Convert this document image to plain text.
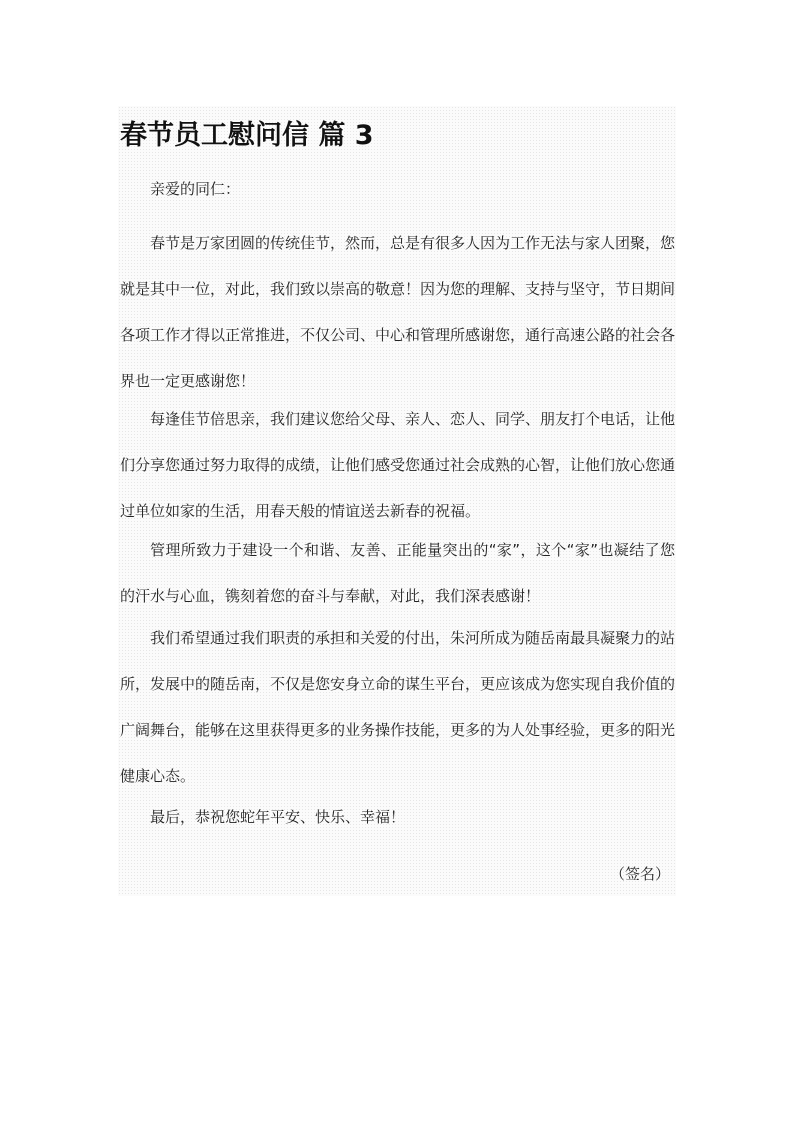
春节员工慰问信 篇 3

亲爱的同仁：

春节是万家团圆的传统佳节，然而，总是有很多人因为工作无法与家人团聚，您就是其中一位，对此，我们致以崇高的敬意！因为您的理解、支持与坚守，节日期间各项工作才得以正常推进，不仅公司、中心和管理所感谢您，通行高速公路的社会各界也一定更感谢您！

每逢佳节倍思亲，我们建议您给父母、亲人、恋人、同学、朋友打个电话，让他们分享您通过努力取得的成绩，让他们感受您通过社会成熟的心智，让他们放心您通过单位如家的生活，用春天般的情谊送去新春的祝福。

管理所致力于建设一个和谐、友善、正能量突出的“家”，这个“家”也凝结了您的汗水与心血，镌刻着您的奋斗与奉献，对此，我们深表感谢！

我们希望通过我们职责的承担和关爱的付出，朱河所成为随岳南最具凝聚力的站所，发展中的随岳南，不仅是您安身立命的谋生平台，更应该成为您实现自我价值的广阔舞台，能够在这里获得更多的业务操作技能，更多的为人处事经验，更多的阳光健康心态。

最后，恭祝您蛇年平安、快乐、幸福！

（签名）
